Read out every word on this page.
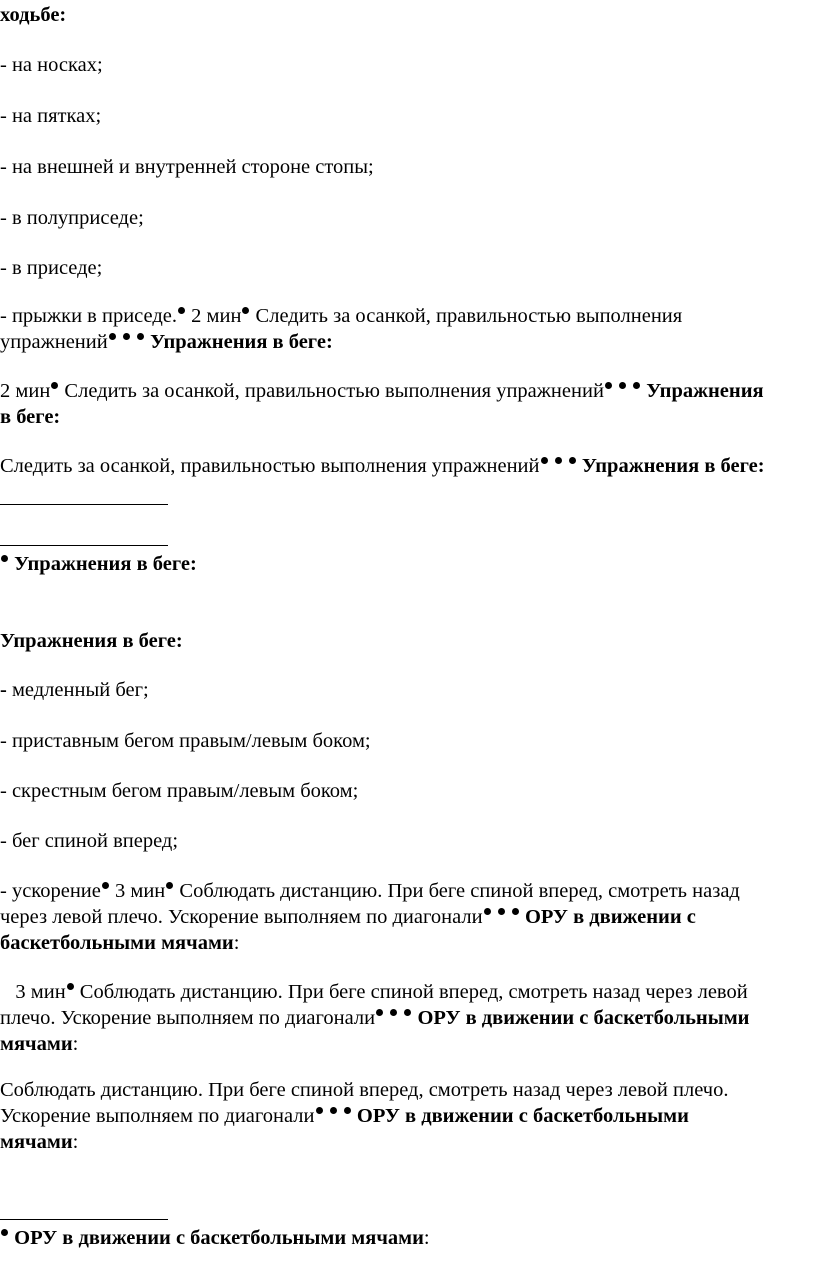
ходьбе:
- на носках;
- на пятках;
- на внешней и внутренней стороне стопы;
- в полуприседе;
- в приседе;
- прыжки в приседе. 2 мин Следить за осанкой, правильностью выполнения
упражнений Упражнения в беге:
2 мин Следить за осанкой, правильностью выполнения упражнений Упражнения
в беге:
Следить за осанкой, правильностью выполнения упражнений Упражнения в беге:
Упражнения в беге:
Упражнения в беге:
- медленный бег;
- приставным бегом правым/левым боком;
- скрестным бегом правым/левым боком;
- бег спиной вперед;
- ускорение 3 мин Соблюдать дистанцию. При беге спиной вперед, смотреть назад
через левой плечо. Ускорение выполняем по диагонали ОРУ в движении с
баскетбольными мячами:
3 мин Соблюдать дистанцию. При беге спиной вперед, смотреть назад через левой
плечо. Ускорение выполняем по диагонали ОРУ в движении с баскетбольными
мячами:
Соблюдать дистанцию. При беге спиной вперед, смотреть назад через левой плечо.
Ускорение выполняем по диагонали ОРУ в движении с баскетбольными
мячами:
ОРУ в движении с баскетбольными мячами:
